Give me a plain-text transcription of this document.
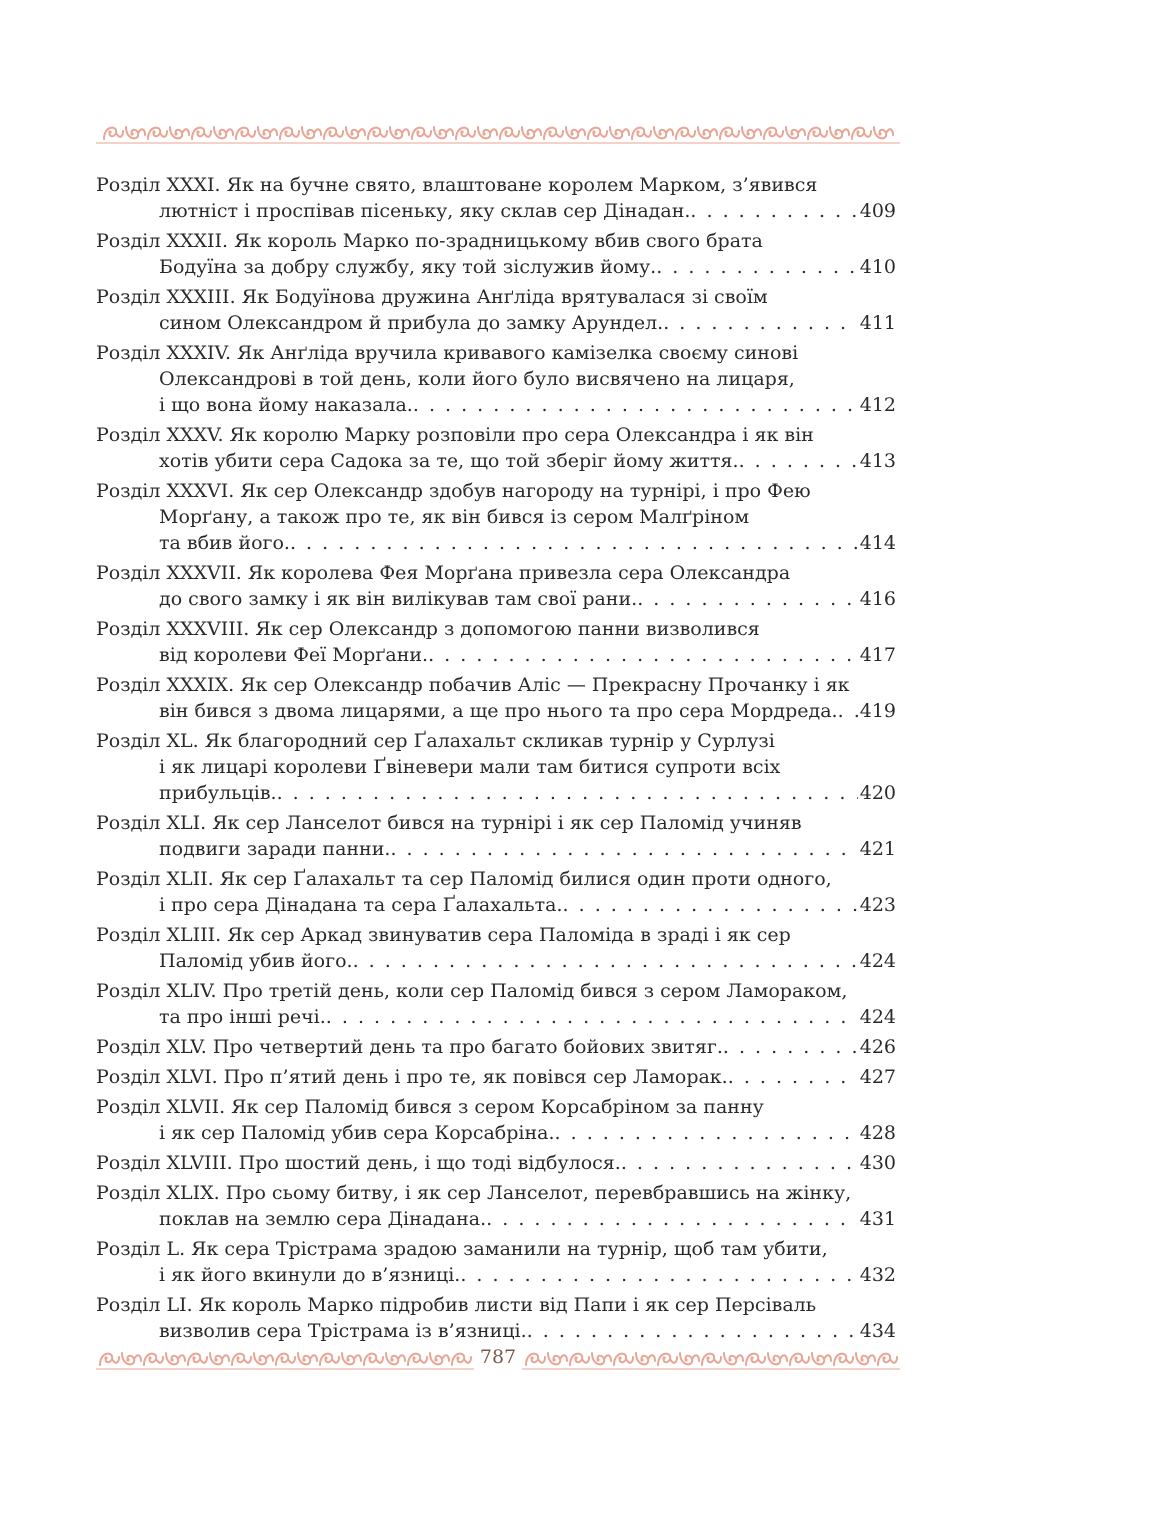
Розділ XXXI. Як на бучне свято, влаштоване королем Марком, з’явився
лютніст і проспівав пісеньку, яку склав сер Дінадан. . . .	409
Розділ XXXII. Як король Марко по-зрадницькому вбив свого брата
Бодуїна за добру службу, яку той зіслужив йому. . . .	410
Розділ XXXIII. Як Бодуїнова дружина Анґліда врятувалася зі своїм
сином Олександром й прибула до замку Арундел. . . .	411
Розділ XXXIV. Як Анґліда вручила кривавого камізелка своєму синові
Олександрові в той день, коли його було висвячено на лицаря,
і що вона йому наказала. . . .	412
Розділ XXXV. Як королю Марку розповіли про сера Олександра і як він
хотів убити сера Садока за те, що той зберіг йому життя. . . .	413
Розділ XXXVI. Як сер Олександр здобув нагороду на турнірі, і про Фею
Морґану, а також про те, як він бився із сером Малґріном
та вбив його. . . .	414
Розділ XXXVII. Як королева Фея Морґана привезла сера Олександра
до свого замку і як він вилікував там свої рани. . . .	416
Розділ XXXVIII. Як сер Олександр з допомогою панни визволився
від королеви Феї Морґани. . . .	417
Розділ XXXIX. Як сер Олександр побачив Аліс — Прекрасну Прочанку і як
він бився з двома лицарями, а ще про нього та про сера Мордреда. . . . 419
Розділ XL. Як благородний сер Ґалахальт скликав турнір у Сурлузі
і як лицарі королеви Ґвіневери мали там битися супроти всіх
прибульців. . . .	420
Розділ XLI. Як сер Ланселот бився на турнірі і як сер Паломід учиняв
подвиги заради панни. . . .	421
Розділ XLII. Як сер Ґалахальт та сер Паломід билися один проти одного,
і про сера Дінадана та сера Ґалахальта. . . .	423
Розділ XLIII. Як сер Аркад звинуватив сера Паломіда в зраді і як сер
Паломід убив його. . . .	424
Розділ XLIV. Про третій день, коли сер Паломід бився з сером Ламораком,
та про інші речі. . . .	424
Розділ XLV. Про четвертий день та про багато бойових звитяг. . . .	426
Розділ XLVI. Про п’ятий день і про те, як повівся сер Ламорак. . . .	427
Розділ XLVII. Як сер Паломід бився з сером Корсабріном за панну
і як сер Паломід убив сера Корсабріна. . . .	428
Розділ XLVIII. Про шостий день, і що тоді відбулося. . . .	430
Розділ XLIX. Про сьому битву, і як сер Ланселот, перевбравшись на жінку,
поклав на землю сера Дінадана. . . .	431
Розділ L. Як сера Трістрама зрадою заманили на турнір, щоб там убити,
і як його вкинули до в’язниці. . . .	432
Розділ LI. Як король Марко підробив листи від Папи і як сер Персіваль
визволив сера Трістрама із в’язниці. . . .	434
787
